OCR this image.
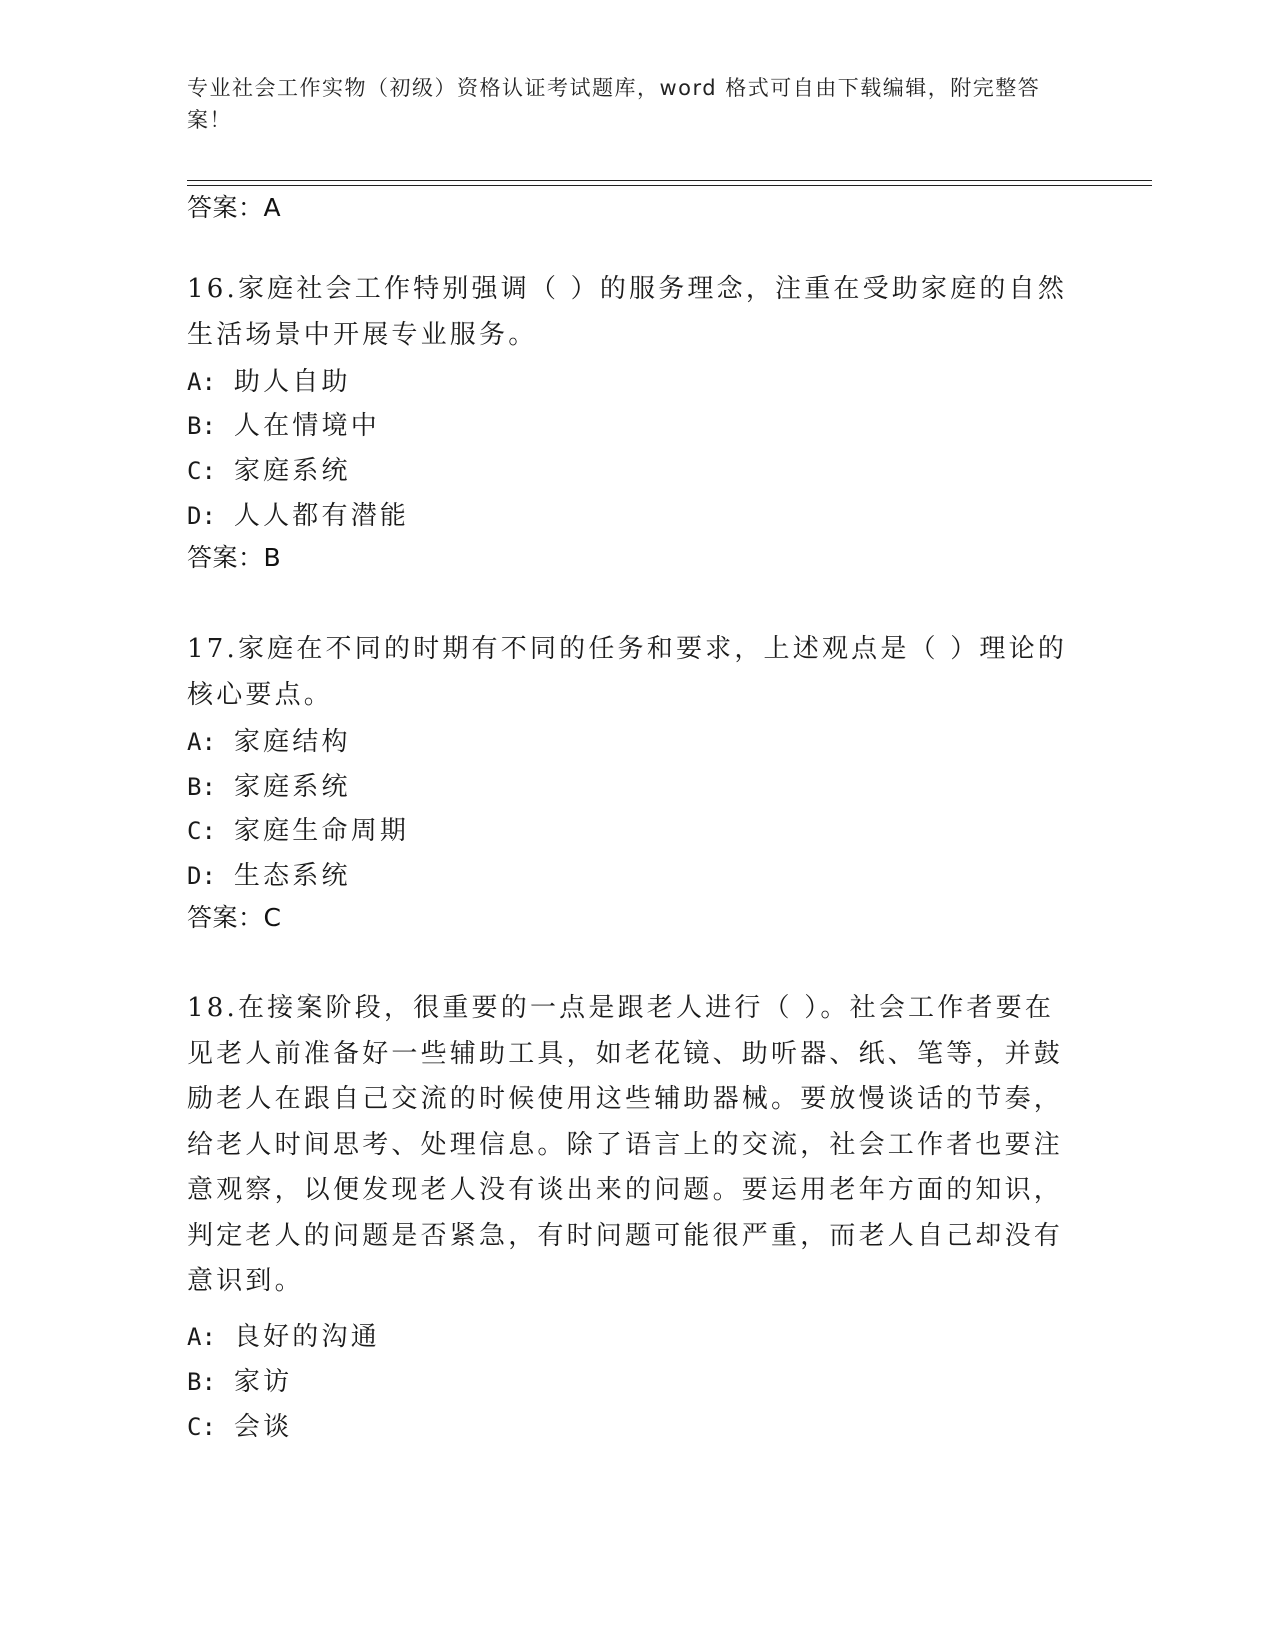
专业社会工作实物（初级）资格认证考试题库，word 格式可自由下载编辑，附完整答案！
答案：A
16.家庭社会工作特别强调（ ）的服务理念，注重在受助家庭的自然生活场景中开展专业服务。
A: 助人自助
B: 人在情境中
C: 家庭系统
D: 人人都有潜能
答案：B
17.家庭在不同的时期有不同的任务和要求，上述观点是（ ）理论的核心要点。
A: 家庭结构
B: 家庭系统
C: 家庭生命周期
D: 生态系统
答案：C
18.在接案阶段，很重要的一点是跟老人进行（ ）。社会工作者要在见老人前准备好一些辅助工具，如老花镜、助听器、纸、笔等，并鼓励老人在跟自己交流的时候使用这些辅助器械。要放慢谈话的节奏，给老人时间思考、处理信息。除了语言上的交流，社会工作者也要注意观察，以便发现老人没有谈出来的问题。要运用老年方面的知识，判定老人的问题是否紧急，有时问题可能很严重，而老人自己却没有意识到。
A: 良好的沟通
B: 家访
C: 会谈
